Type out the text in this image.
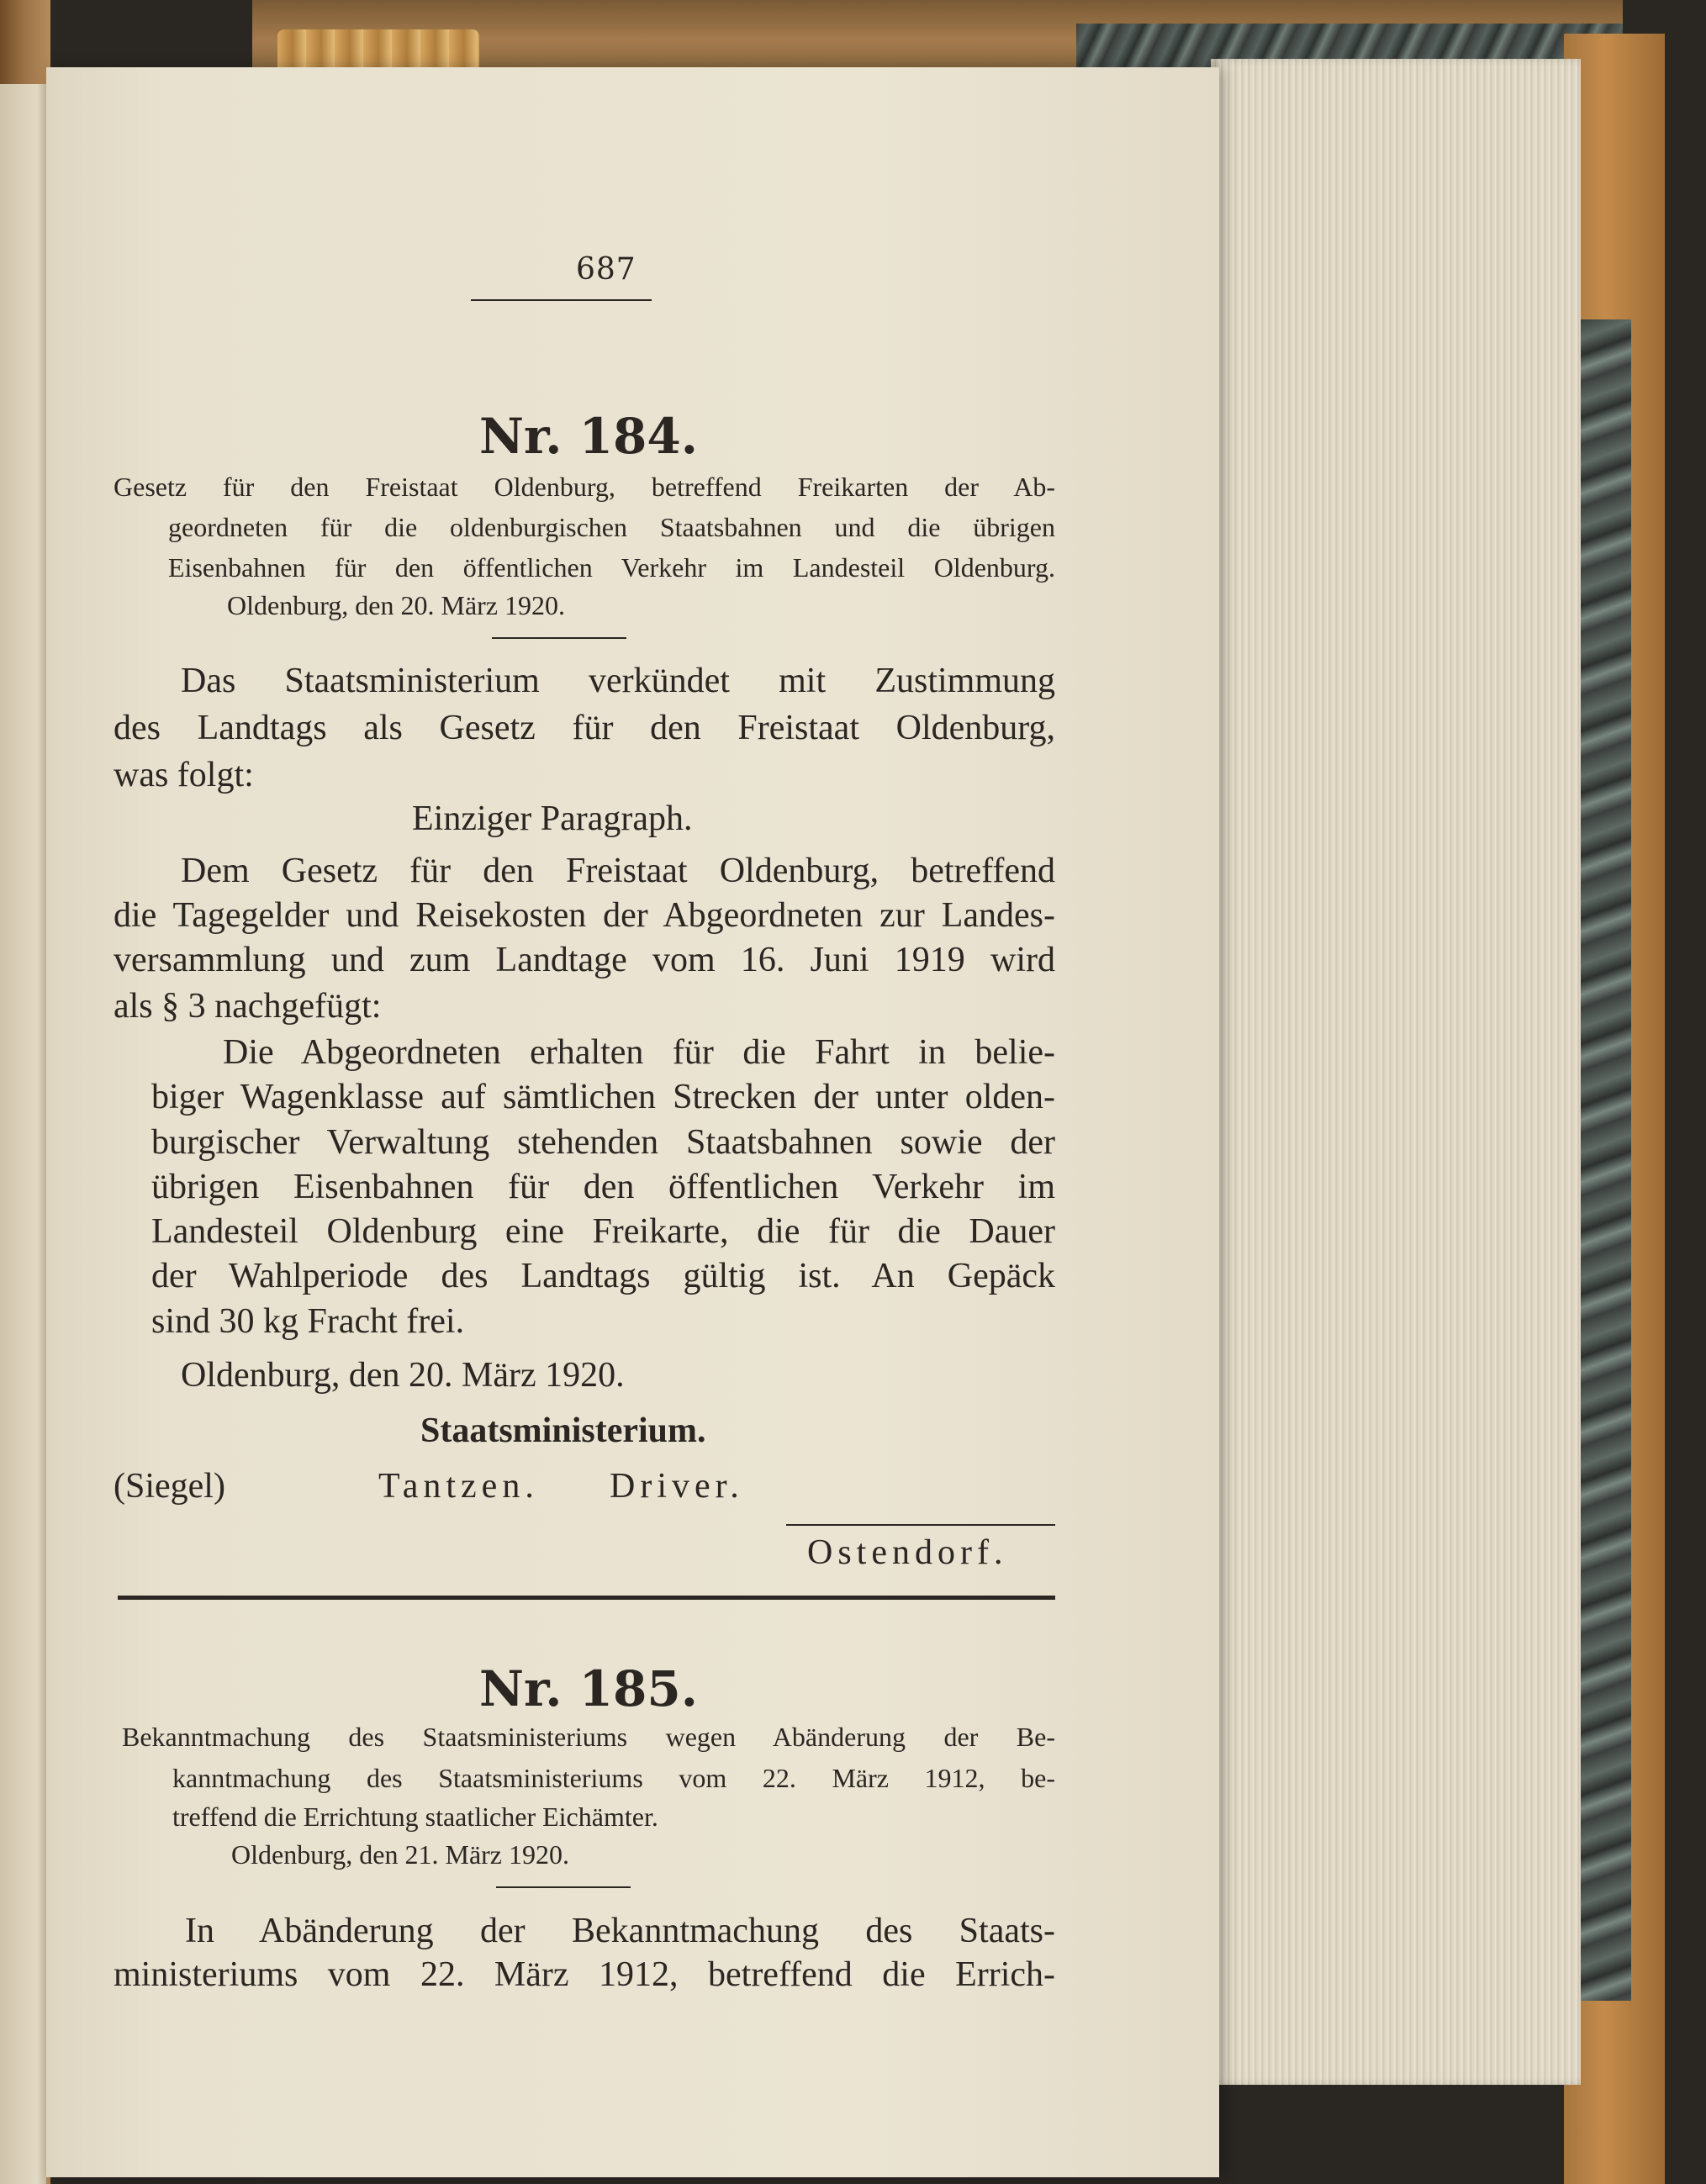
687

Nr. 184.

Gesetz für den Freistaat Oldenburg, betreffend Freikarten der Ab-

geordneten für die oldenburgischen Staatsbahnen und die übrigen

Eisenbahnen für den öffentlichen Verkehr im Landesteil Oldenburg.

Oldenburg, den 20. März 1920.

Das Staatsministerium verkündet mit Zustimmung

des Landtags als Gesetz für den Freistaat Oldenburg,

was folgt:

Einziger Paragraph.

Dem Gesetz für den Freistaat Oldenburg, betreffend

die Tagegelder und Reisekosten der Abgeordneten zur Landes-

versammlung und zum Landtage vom 16. Juni 1919 wird

als § 3 nachgefügt:

Die Abgeordneten erhalten für die Fahrt in belie-

biger Wagenklasse auf sämtlichen Strecken der unter olden-

burgischer Verwaltung stehenden Staatsbahnen sowie der

übrigen Eisenbahnen für den öffentlichen Verkehr im

Landesteil Oldenburg eine Freikarte, die für die Dauer

der Wahlperiode des Landtags gültig ist. An Gepäck

sind 30 kg Fracht frei.

Oldenburg, den 20. März 1920.

Staatsministerium.

(Siegel)	Tantzen. Driver.

Ostendorf.

Nr. 185.

Bekanntmachung des Staatsministeriums wegen Abänderung der Be-

kanntmachung des Staatsministeriums vom 22. März 1912, be-

treffend die Errichtung staatlicher Eichämter.

Oldenburg, den 21. März 1920.

In Abänderung der Bekanntmachung des Staats-

ministeriums vom 22. März 1912, betreffend die Errich-
